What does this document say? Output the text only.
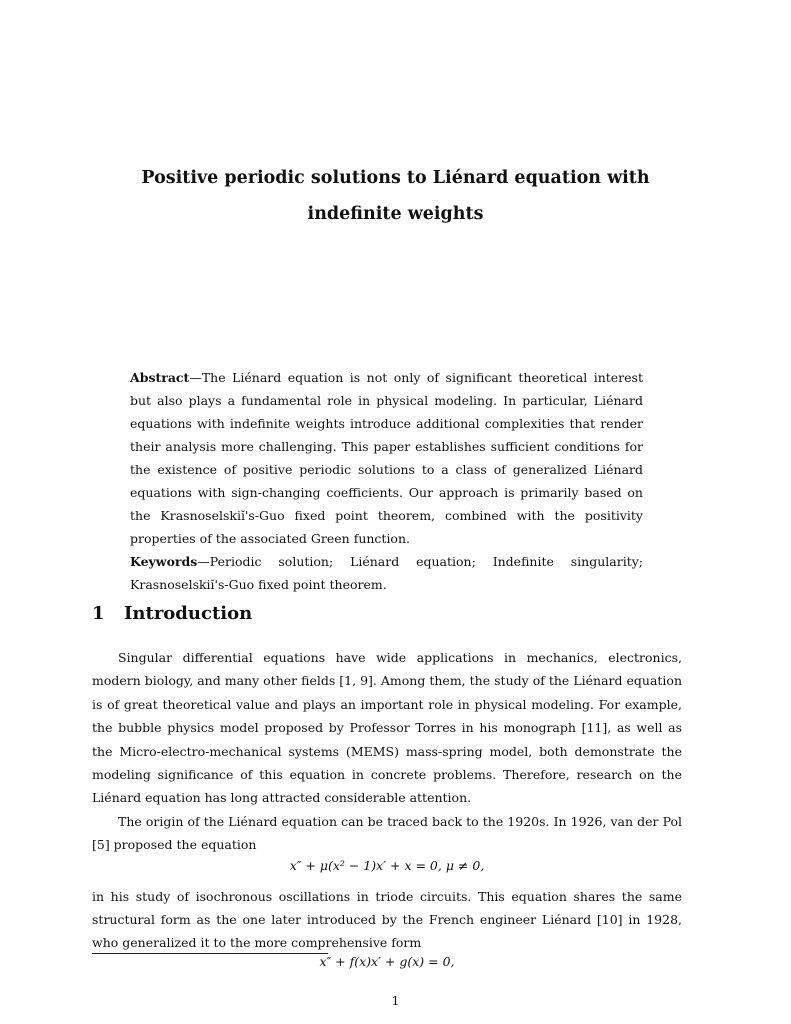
Positive periodic solutions to Liénard equation with indefinite weights

Abstract—The Liénard equation is not only of significant theoretical interest but also plays a fundamental role in physical modeling. In particular, Liénard equations with indefinite weights introduce additional complexities that render their analysis more challenging. This paper establishes sufficient conditions for the existence of positive periodic solutions to a class of generalized Liénard equations with sign-changing coefficients. Our approach is primarily based on the Krasnoselskiĭ's-Guo fixed point theorem, combined with the positivity properties of the associated Green function.

Keywords—Periodic solution; Liénard equation; Indefinite singularity; Krasnoselskiĭ's-Guo fixed point theorem.

1 Introduction

Singular differential equations have wide applications in mechanics, electronics, modern biology, and many other fields [1, 9]. Among them, the study of the Liénard equation is of great theoretical value and plays an important role in physical modeling. For example, the bubble physics model proposed by Professor Torres in his monograph [11], as well as the Micro-electro-mechanical systems (MEMS) mass-spring model, both demonstrate the modeling significance of this equation in concrete problems. Therefore, research on the Liénard equation has long attracted considerable attention.

The origin of the Liénard equation can be traced back to the 1920s. In 1926, van der Pol [5] proposed the equation

x″ + μ(x² − 1)x′ + x = 0, μ ≠ 0,

in his study of isochronous oscillations in triode circuits. This equation shares the same structural form as the one later introduced by the French engineer Liénard [10] in 1928, who generalized it to the more comprehensive form

x″ + f(x)x′ + g(x) = 0,
1
